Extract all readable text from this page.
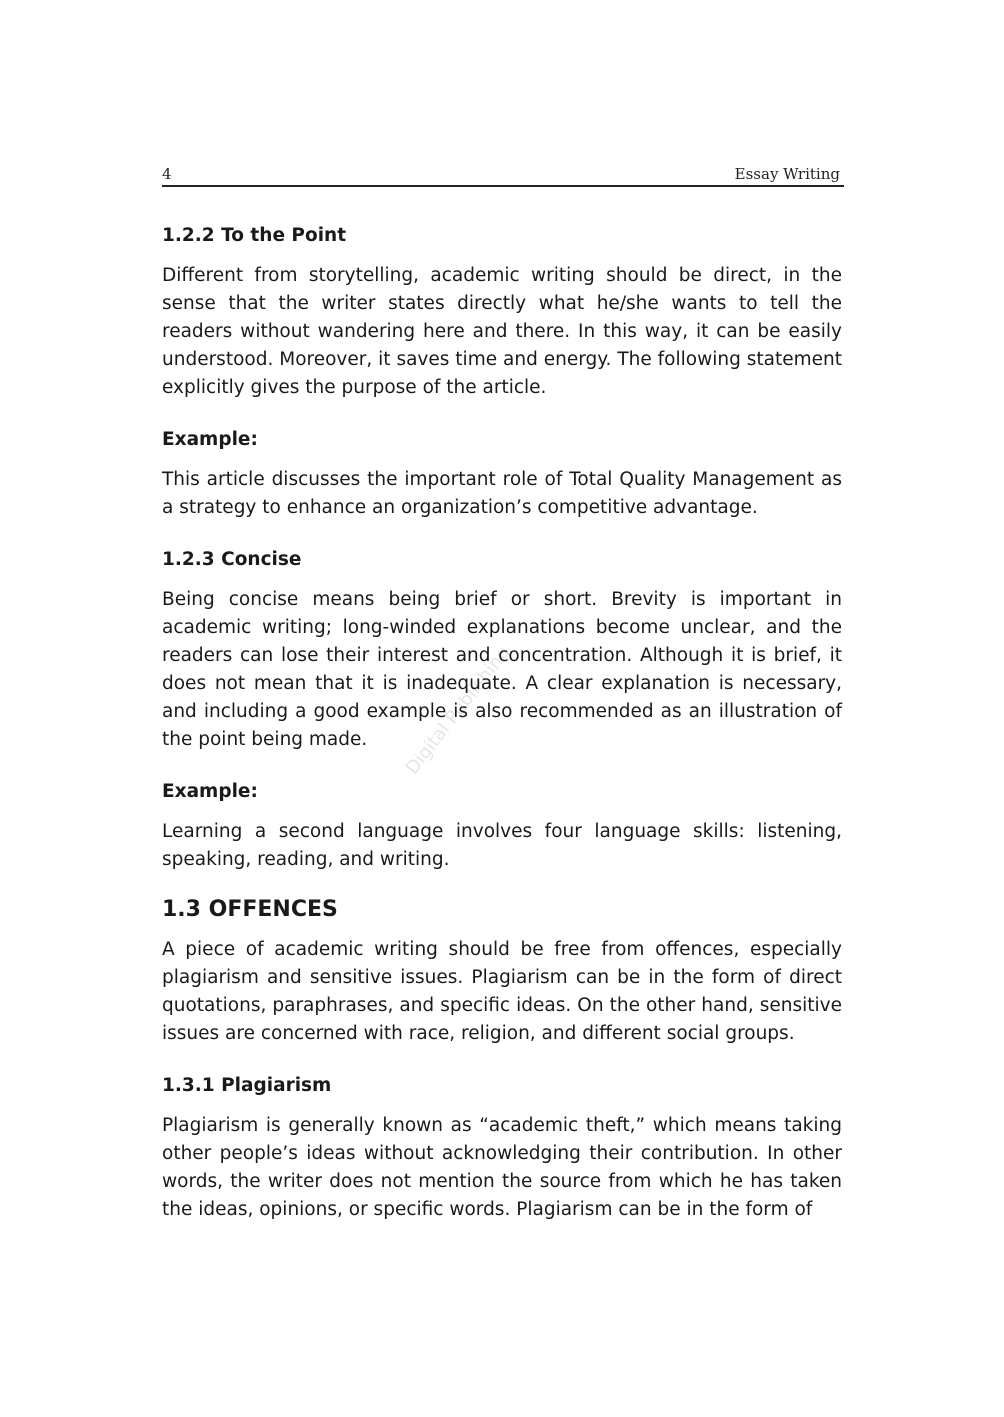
4	Essay Writing
Digital Publishing
1.2.2 To the Point

Different from storytelling, academic writing should be direct, in the sense that the writer states directly what he/she wants to tell the readers without wandering here and there. In this way, it can be easily understood. Moreover, it saves time and energy. The following statement explicitly gives the purpose of the article.

Example:

This article discusses the important role of Total Quality Management as a strategy to enhance an organization’s competitive advantage.

1.2.3 Concise

Being concise means being brief or short. Brevity is important in academic writing; long-winded explanations become unclear, and the readers can lose their interest and concentration. Although it is brief, it does not mean that it is inadequate. A clear explanation is necessary, and including a good example is also recommended as an illustration of the point being made.

Example:

Learning a second language involves four language skills: listening, speaking, reading, and writing.

1.3 OFFENCES

A piece of academic writing should be free from offences, especially plagiarism and sensitive issues. Plagiarism can be in the form of direct quotations, paraphrases, and specific ideas. On the other hand, sensitive issues are concerned with race, religion, and different social groups.

1.3.1 Plagiarism

Plagiarism is generally known as “academic theft,” which means taking other people’s ideas without acknowledging their contribution. In other words, the writer does not mention the source from which he has taken the ideas, opinions, or specific words. Plagiarism can be in the form of
